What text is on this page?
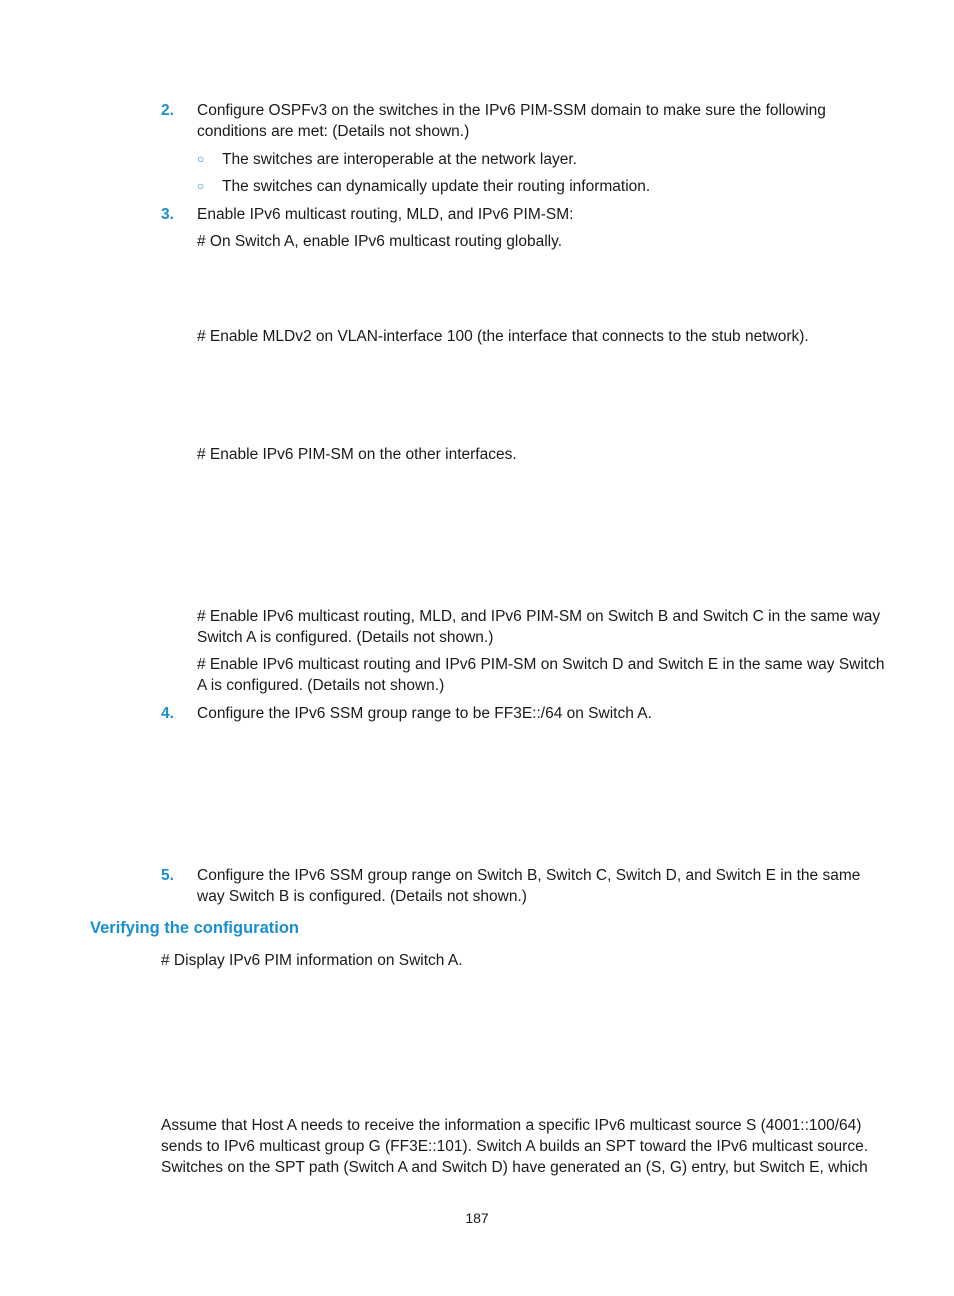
2. Configure OSPFv3 on the switches in the IPv6 PIM-SSM domain to make sure the following
conditions are met: (Details not shown.)
○ The switches are interoperable at the network layer.
○ The switches can dynamically update their routing information.
3. Enable IPv6 multicast routing, MLD, and IPv6 PIM-SM:
# On Switch A, enable IPv6 multicast routing globally.
# Enable MLDv2 on VLAN-interface 100 (the interface that connects to the stub network).
# Enable IPv6 PIM-SM on the other interfaces.
# Enable IPv6 multicast routing, MLD, and IPv6 PIM-SM on Switch B and Switch C in the same way
Switch A is configured. (Details not shown.)
# Enable IPv6 multicast routing and IPv6 PIM-SM on Switch D and Switch E in the same way Switch
A is configured. (Details not shown.)
4. Configure the IPv6 SSM group range to be FF3E::/64 on Switch A.
5. Configure the IPv6 SSM group range on Switch B, Switch C, Switch D, and Switch E in the same
way Switch B is configured. (Details not shown.)
Verifying the configuration
# Display IPv6 PIM information on Switch A.
Assume that Host A needs to receive the information a specific IPv6 multicast source S (4001::100/64)
sends to IPv6 multicast group G (FF3E::101). Switch A builds an SPT toward the IPv6 multicast source.
Switches on the SPT path (Switch A and Switch D) have generated an (S, G) entry, but Switch E, which
187
